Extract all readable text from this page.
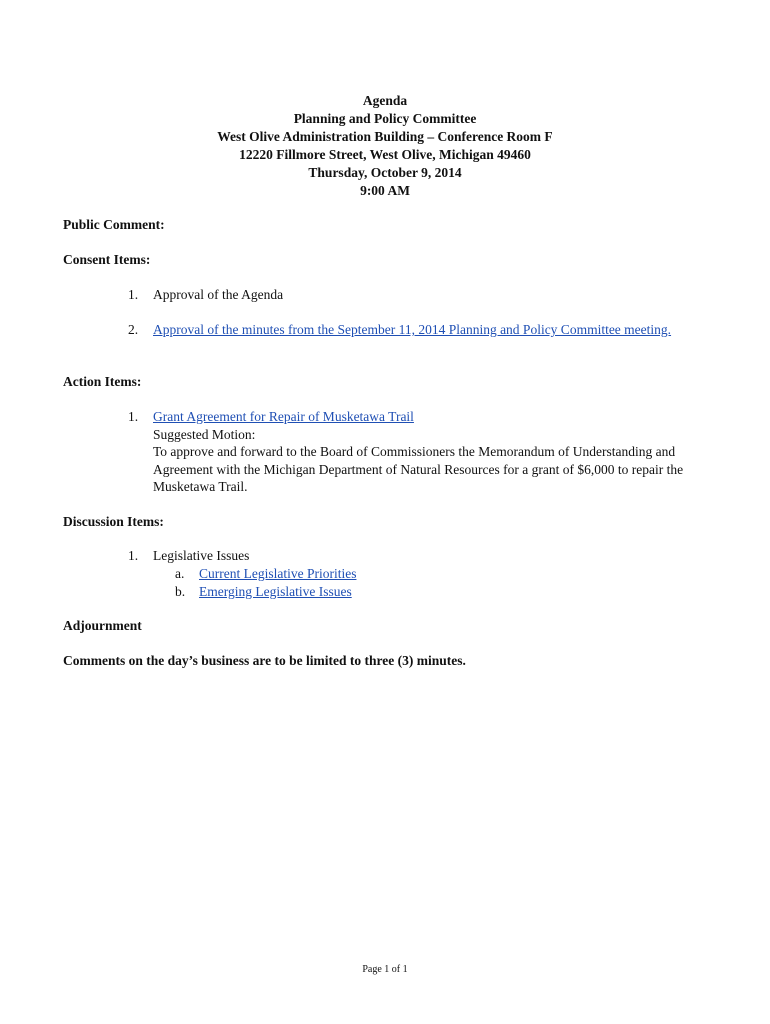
Agenda
Planning and Policy Committee
West Olive Administration Building – Conference Room F
12220 Fillmore Street, West Olive, Michigan 49460
Thursday, October 9, 2014
9:00 AM
Public Comment:
Consent Items:
1. Approval of the Agenda
2. Approval of the minutes from the September 11, 2014 Planning and Policy Committee meeting.
Action Items:
1. Grant Agreement for Repair of Musketawa Trail
Suggested Motion:
To approve and forward to the Board of Commissioners the Memorandum of Understanding and Agreement with the Michigan Department of Natural Resources for a grant of $6,000 to repair the Musketawa Trail.
Discussion Items:
1. Legislative Issues
a. Current Legislative Priorities
b. Emerging Legislative Issues
Adjournment
Comments on the day’s business are to be limited to three (3) minutes.
Page 1 of 1
